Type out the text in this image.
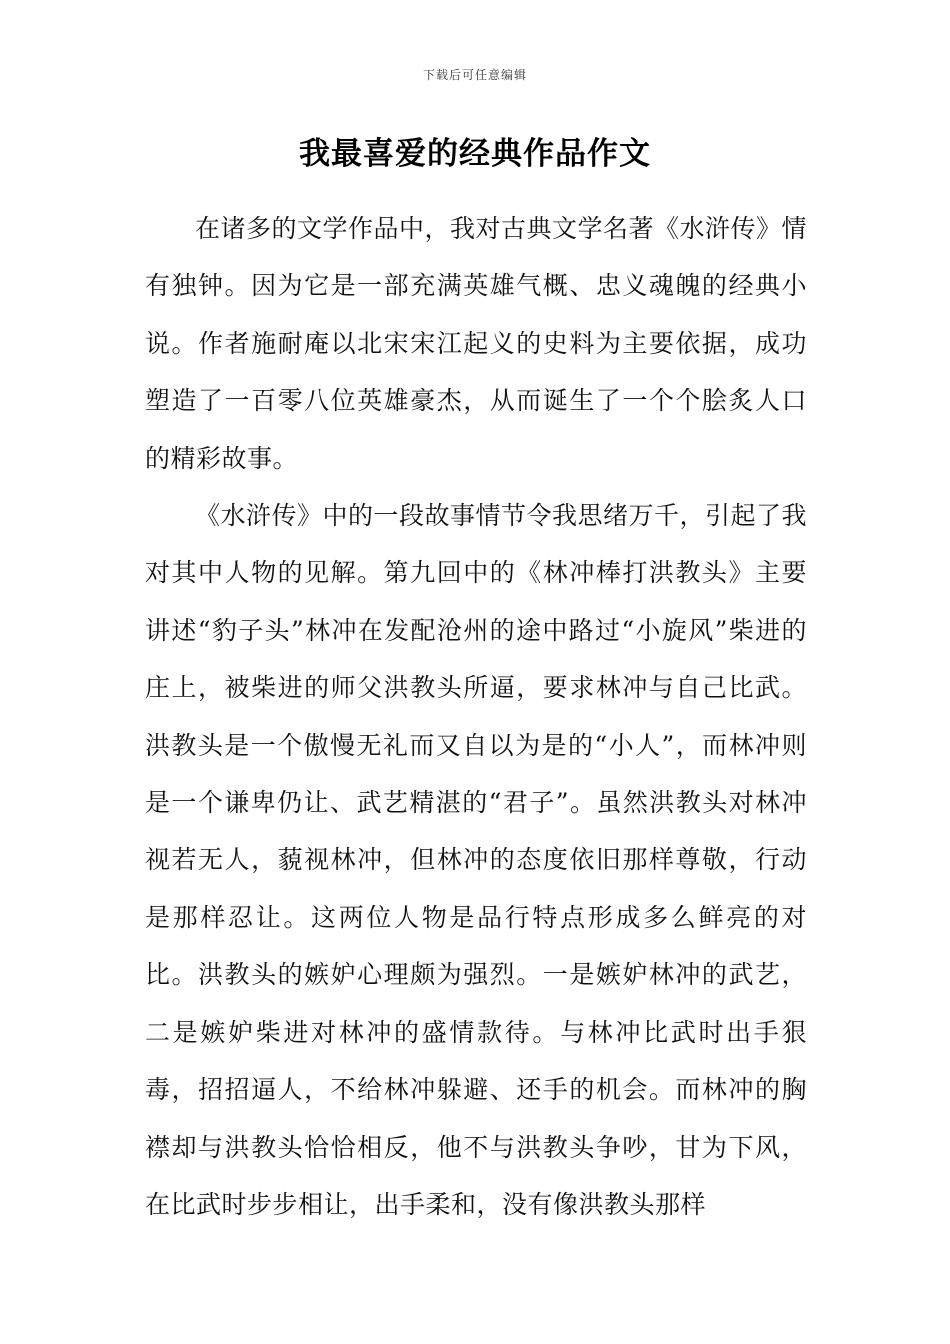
下载后可任意编辑
我最喜爱的经典作品作文

在诸多的文学作品中，我对古典文学名著《水浒传》情有独钟。因为它是一部充满英雄气概、忠义魂魄的经典小说。作者施耐庵以北宋宋江起义的史料为主要依据，成功塑造了一百零八位英雄豪杰，从而诞生了一个个脍炙人口的精彩故事。

《水浒传》中的一段故事情节令我思绪万千，引起了我对其中人物的见解。第九回中的《林冲棒打洪教头》主要讲述“豹子头”林冲在发配沧州的途中路过“小旋风”柴进的庄上，被柴进的师父洪教头所逼，要求林冲与自己比武。洪教头是一个傲慢无礼而又自以为是的“小人”，而林冲则是一个谦卑仍让、武艺精湛的“君子”。虽然洪教头对林冲视若无人，藐视林冲，但林冲的态度依旧那样尊敬，行动是那样忍让。这两位人物是品行特点形成多么鲜亮的对比。洪教头的嫉妒心理颇为强烈。一是嫉妒林冲的武艺，二是嫉妒柴进对林冲的盛情款待。与林冲比武时出手狠毒，招招逼人，不给林冲躲避、还手的机会。而林冲的胸襟却与洪教头恰恰相反，他不与洪教头争吵，甘为下风，在比武时步步相让，出手柔和，没有像洪教头那样
